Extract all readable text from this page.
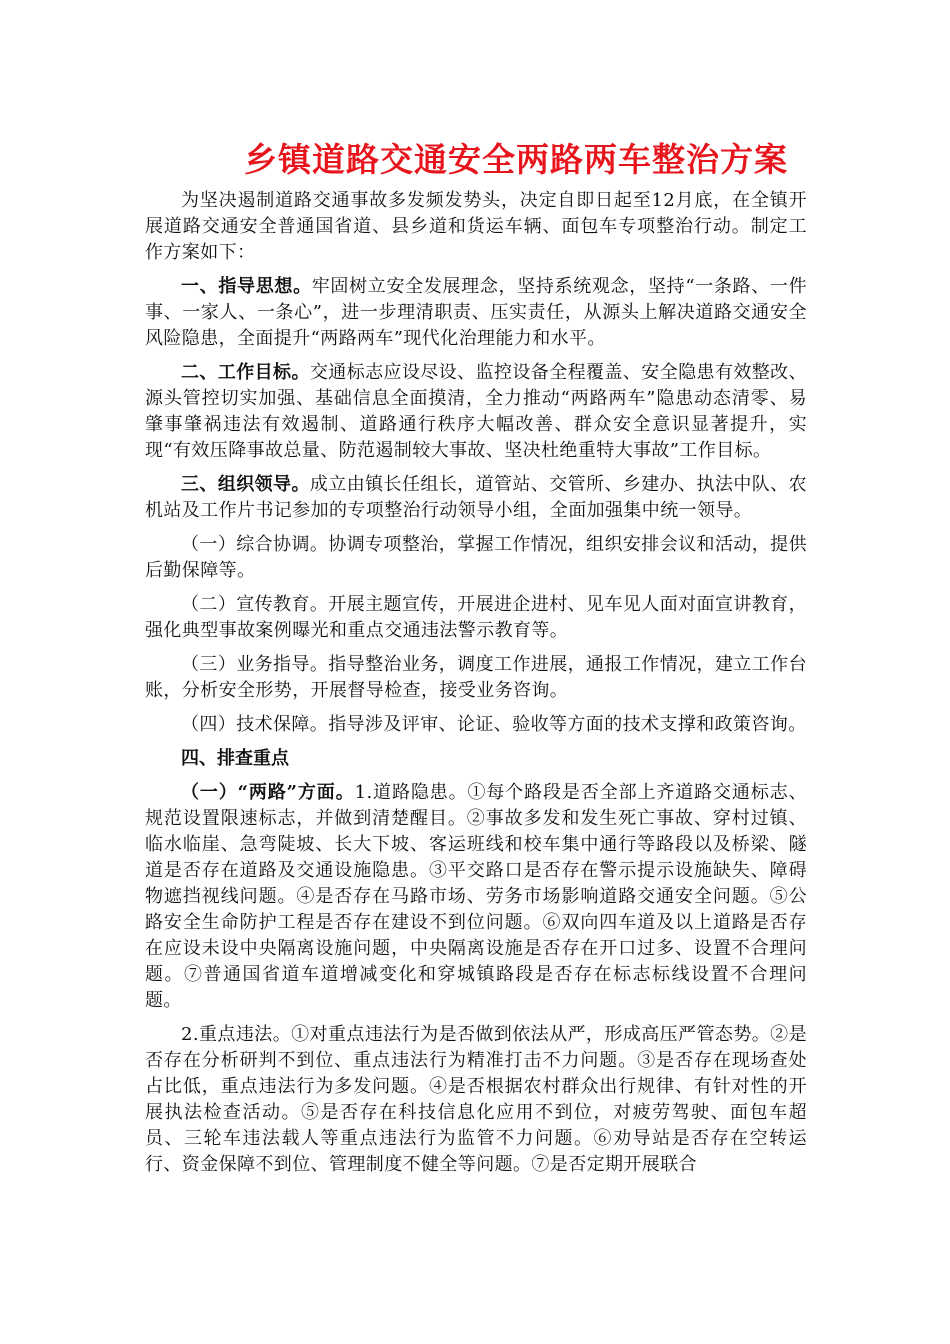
乡镇道路交通安全两路两车整治方案

为坚决遏制道路交通事故多发频发势头，决定自即日起至12月底，在全镇开展道路交通安全普通国省道、县乡道和货运车辆、面包车专项整治行动。制定工作方案如下：

一、指导思想。牢固树立安全发展理念，坚持系统观念，坚持“一条路、一件事、一家人、一条心”，进一步理清职责、压实责任，从源头上解决道路交通安全风险隐患，全面提升“两路两车”现代化治理能力和水平。

二、工作目标。交通标志应设尽设、监控设备全程覆盖、安全隐患有效整改、源头管控切实加强、基础信息全面摸清，全力推动“两路两车”隐患动态清零、易肇事肇祸违法有效遏制、道路通行秩序大幅改善、群众安全意识显著提升，实现“有效压降事故总量、防范遏制较大事故、坚决杜绝重特大事故”工作目标。

三、组织领导。成立由镇长任组长，道管站、交管所、乡建办、执法中队、农机站及工作片书记参加的专项整治行动领导小组，全面加强集中统一领导。

（一）综合协调。协调专项整治，掌握工作情况，组织安排会议和活动，提供后勤保障等。

（二）宣传教育。开展主题宣传，开展进企进村、见车见人面对面宣讲教育，强化典型事故案例曝光和重点交通违法警示教育等。

（三）业务指导。指导整治业务，调度工作进展，通报工作情况，建立工作台账，分析安全形势，开展督导检查，接受业务咨询。

（四）技术保障。指导涉及评审、论证、验收等方面的技术支撑和政策咨询。

四、排查重点

（一）“两路”方面。1.道路隐患。①每个路段是否全部上齐道路交通标志、规范设置限速标志，并做到清楚醒目。②事故多发和发生死亡事故、穿村过镇、临水临崖、急弯陡坡、长大下坡、客运班线和校车集中通行等路段以及桥梁、隧道是否存在道路及交通设施隐患。③平交路口是否存在警示提示设施缺失、障碍物遮挡视线问题。④是否存在马路市场、劳务市场影响道路交通安全问题。⑤公路安全生命防护工程是否存在建设不到位问题。⑥双向四车道及以上道路是否存在应设未设中央隔离设施问题，中央隔离设施是否存在开口过多、设置不合理问题。⑦普通国省道车道增减变化和穿城镇路段是否存在标志标线设置不合理问题。

2.重点违法。①对重点违法行为是否做到依法从严，形成高压严管态势。②是否存在分析研判不到位、重点违法行为精准打击不力问题。③是否存在现场查处占比低，重点违法行为多发问题。④是否根据农村群众出行规律、有针对性的开展执法检查活动。⑤是否存在科技信息化应用不到位，对疲劳驾驶、面包车超员、三轮车违法载人等重点违法行为监管不力问题。⑥劝导站是否存在空转运行、资金保障不到位、管理制度不健全等问题。⑦是否定期开展联合
